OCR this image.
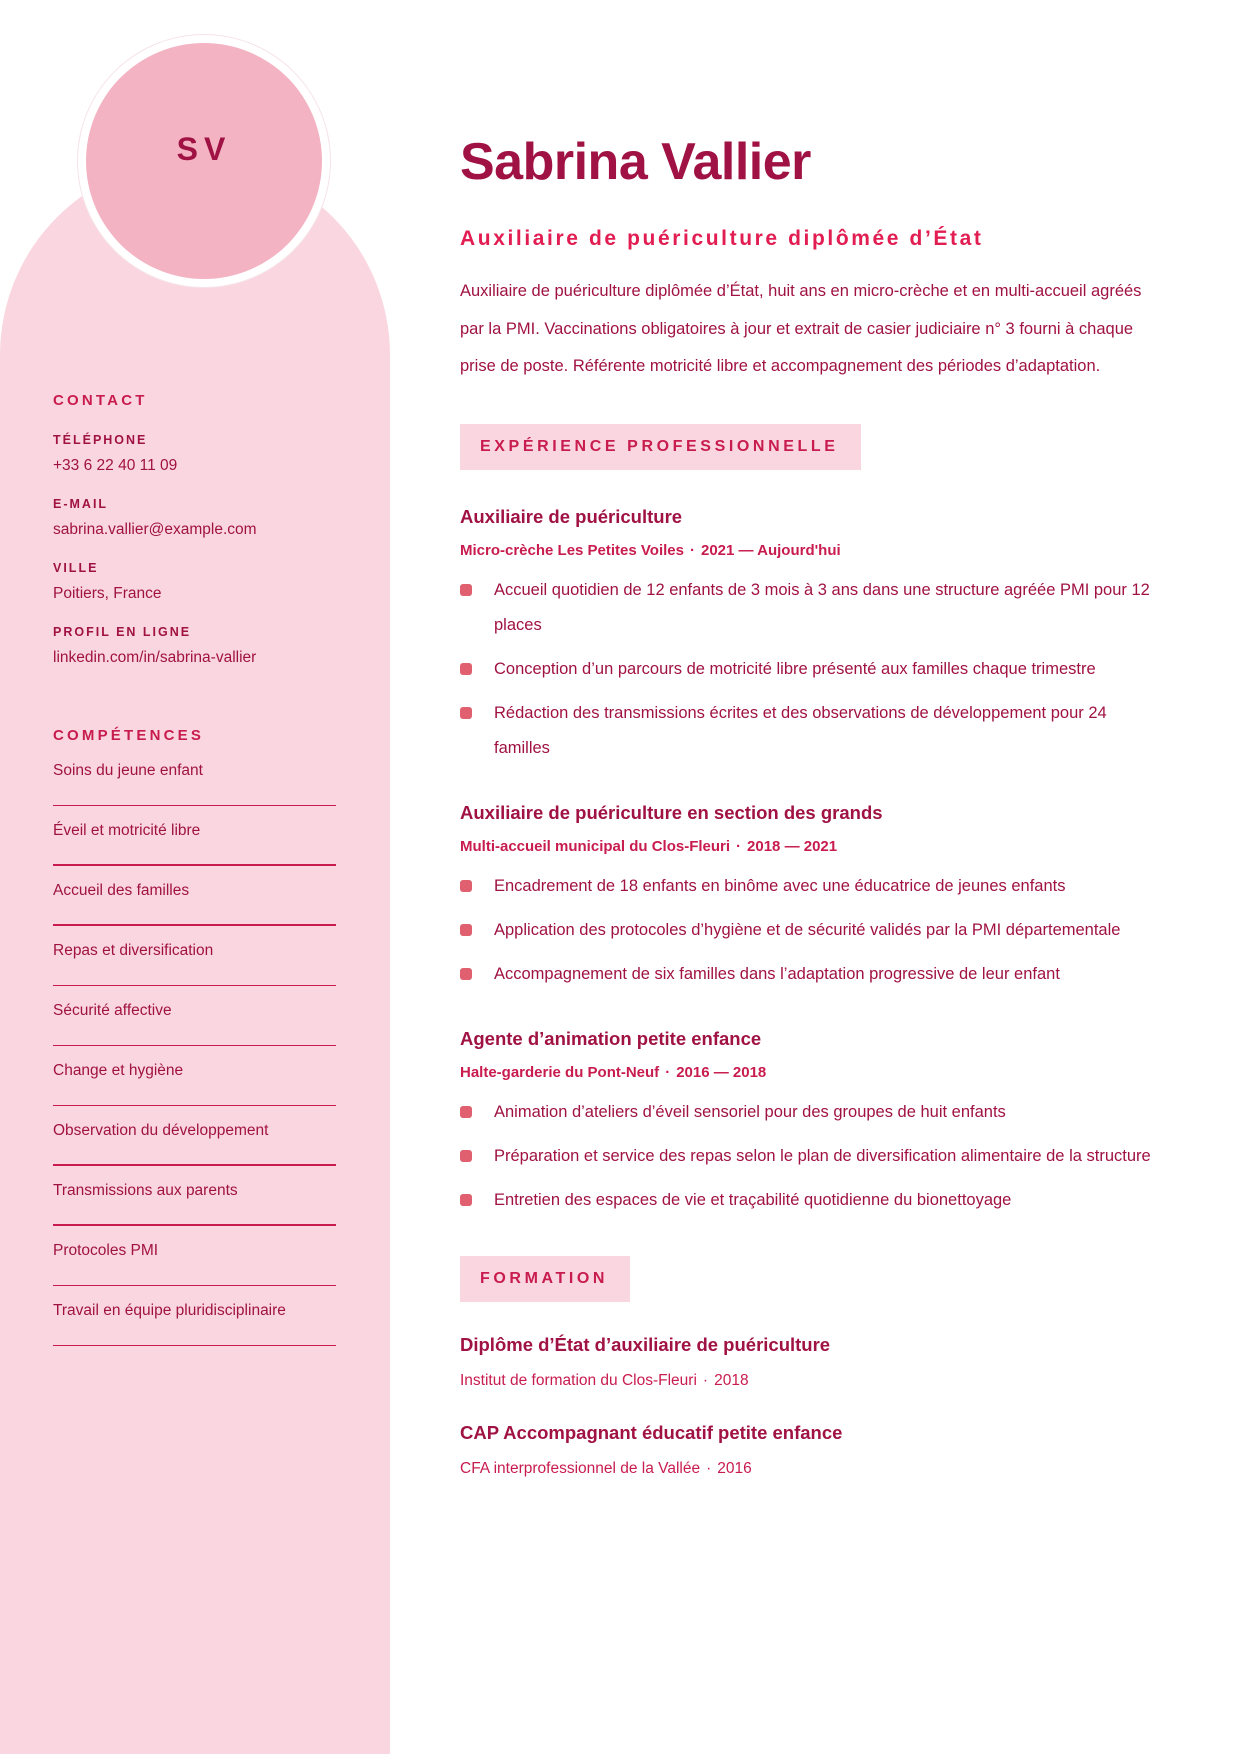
SV
CONTACT

TÉLÉPHONE

+33 6 22 40 11 09

E-MAIL

sabrina.vallier@example.com

VILLE

Poitiers, France

PROFIL EN LIGNE

linkedin.com/in/sabrina-vallier

COMPÉTENCES
Soins du jeune enfant
Éveil et motricité libre
Accueil des familles
Repas et diversification
Sécurité affective
Change et hygiène
Observation du développement
Transmissions aux parents
Protocoles PMI
Travail en équipe pluridisciplinaire
Sabrina Vallier
Auxiliaire de puériculture diplômée d’État

Auxiliaire de puériculture diplômée d’État, huit ans en micro-crèche et en multi-accueil agréés par la PMI. Vaccinations obligatoires à jour et extrait de casier judiciaire n° 3 fourni à chaque prise de poste. Référente motricité libre et accompagnement des périodes d’adaptation.

EXPÉRIENCE PROFESSIONNELLE

Auxiliaire de puériculture

Micro-crèche Les Petites Voiles · 2021 — Aujourd'hui

Accueil quotidien de 12 enfants de 3 mois à 3 ans dans une structure agréée PMI pour 12 places
Conception d’un parcours de motricité libre présenté aux familles chaque trimestre
Rédaction des transmissions écrites et des observations de développement pour 24 familles

Auxiliaire de puériculture en section des grands

Multi-accueil municipal du Clos-Fleuri · 2018 — 2021

Encadrement de 18 enfants en binôme avec une éducatrice de jeunes enfants
Application des protocoles d’hygiène et de sécurité validés par la PMI départementale
Accompagnement de six familles dans l’adaptation progressive de leur enfant

Agente d’animation petite enfance

Halte-garderie du Pont-Neuf · 2016 — 2018

Animation d’ateliers d’éveil sensoriel pour des groupes de huit enfants
Préparation et service des repas selon le plan de diversification alimentaire de la structure
Entretien des espaces de vie et traçabilité quotidienne du bionettoyage
FORMATION

Diplôme d’État d’auxiliaire de puériculture

Institut de formation du Clos-Fleuri · 2018

CAP Accompagnant éducatif petite enfance

CFA interprofessionnel de la Vallée · 2016
